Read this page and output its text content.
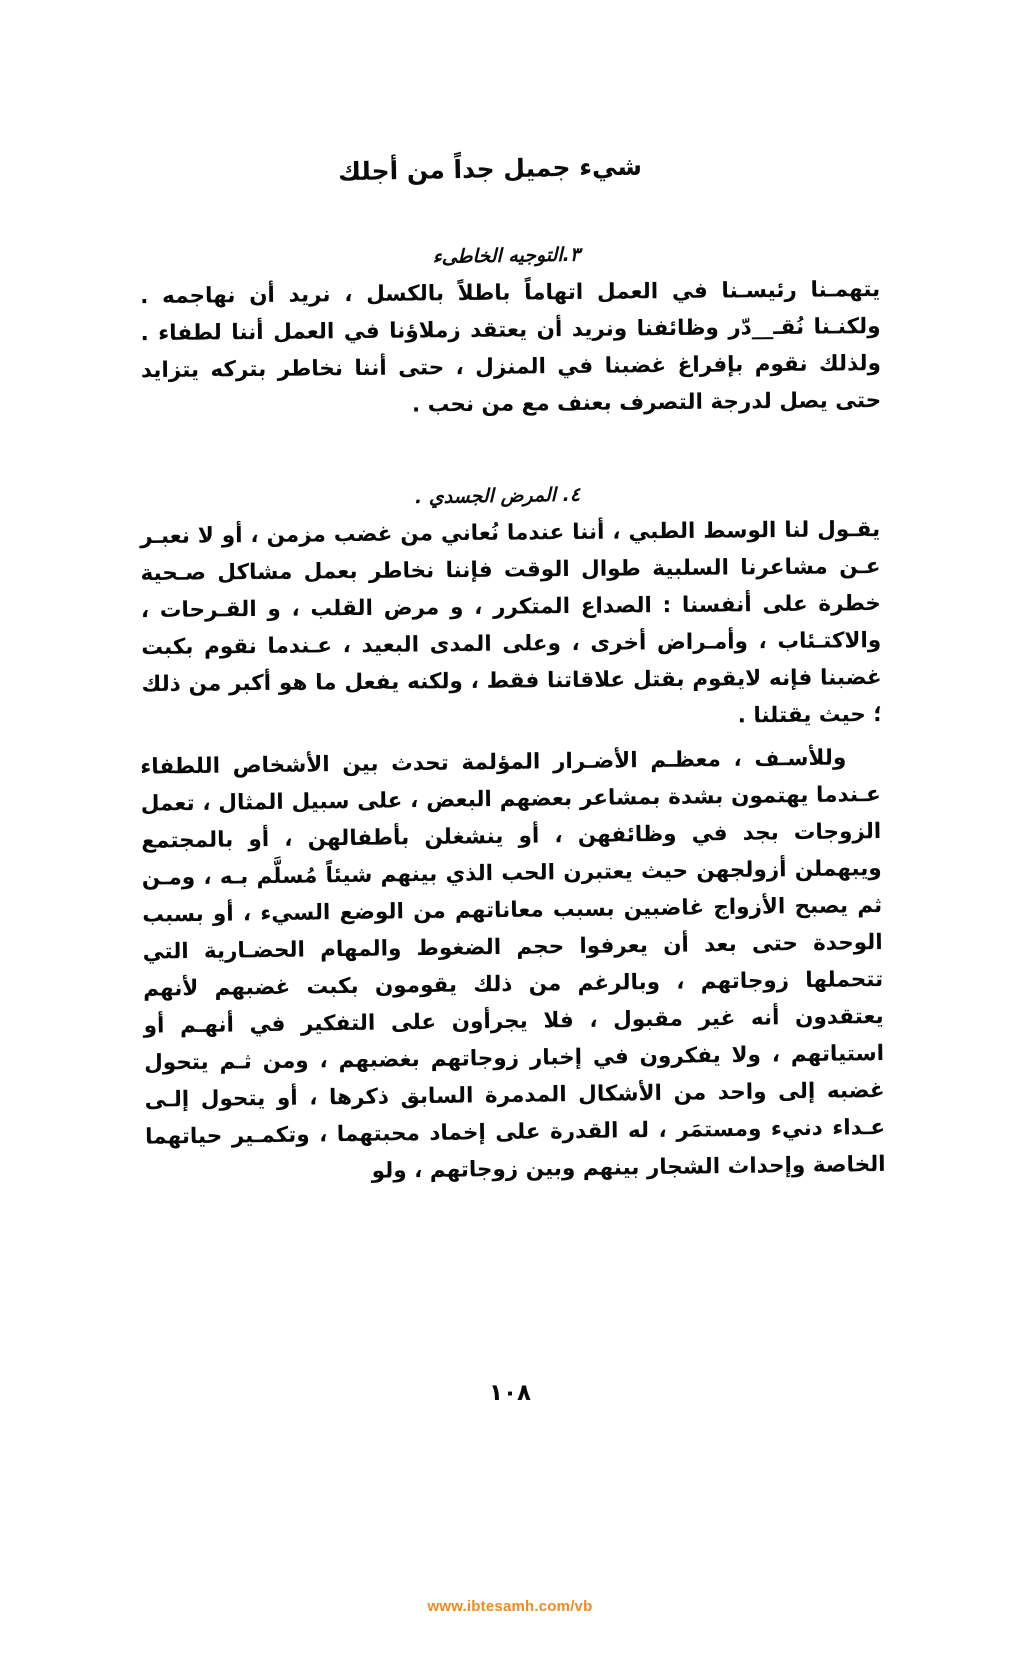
شيء جميل جداً من أجلك
٣.التوجيه الخاطىء

يتهمـنا رئيسـنا في العمل اتهاماً باطلاً بالكسل ، نريد أن نهاجمه . ولكنـنا نُقـ__دّر وظائفنا ونريد أن يعتقد زملاؤنا في العمل أننا لطفاء . ولذلك نقوم بإفراغ غضبنا في المنزل ، حتى أننا نخاطر بتركه يتزايد حتى يصل لدرجة التصرف بعنف مع من نحب .

٤. المرض الجسدي .

يقـول لنا الوسط الطبي ، أننا عندما نُعاني من غضب مزمن ، أو لا نعبـر عـن مشاعرنا السلبية طوال الوقت فإننا نخاطر بعمل مشاكل صـحية خطرة على أنفسنا : الصداع المتكرر ، و مرض القلب ، و القـرحات ، والاكتـئاب ، وأمـراض أخرى ، وعلى المدى البعيد ، عـندما نقوم بكبت غضبنا فإنه لايقوم بقتل علاقاتنا فقط ، ولكنه يفعل ما هو أكبر من ذلك ؛ حيث يقتلنا .

وللأسـف ، معظـم الأضـرار المؤلمة تحدث بين الأشخاص اللطفاء عـندما يهتمون بشدة بمشاعر بعضهم البعض ، على سبيل المثال ، تعمل الزوجات بجد في وظائفهن ، أو ينشغلن بأطفالهن ، أو بالمجتمع ويبهملن أزولجهن حيث يعتبرن الحب الذي بينهم شيئاً مُسلَّم بـه ، ومـن ثم يصبح الأزواج غاضبين بسبب معاناتهم من الوضع السيء ، أو بسبب الوحدة حتى بعد أن يعرفوا حجم الضغوط والمهام الحضـارية التي تتحملها زوجاتهم ، وبالرغم من ذلك يقومون بكبت غضبهم لأنهم يعتقدون أنه غير مقبول ، فلا يجرأون على التفكير في أنهـم أو استياتهم ، ولا يفكرون في إخبار زوجاتهم بغضبهم ، ومن ثـم يتحول غضبه إلى واحد من الأشكال المدمرة السابق ذكرها ، أو يتحول إلـى عـداء دنيء ومستمَر ، له القدرة على إخماد محبتهما ، وتكمـير حياتهما الخاصة وإحداث الشجار بينهم وبين زوجاتهم ، ولو

١٠٨
www.ibtesamh.com/vb
